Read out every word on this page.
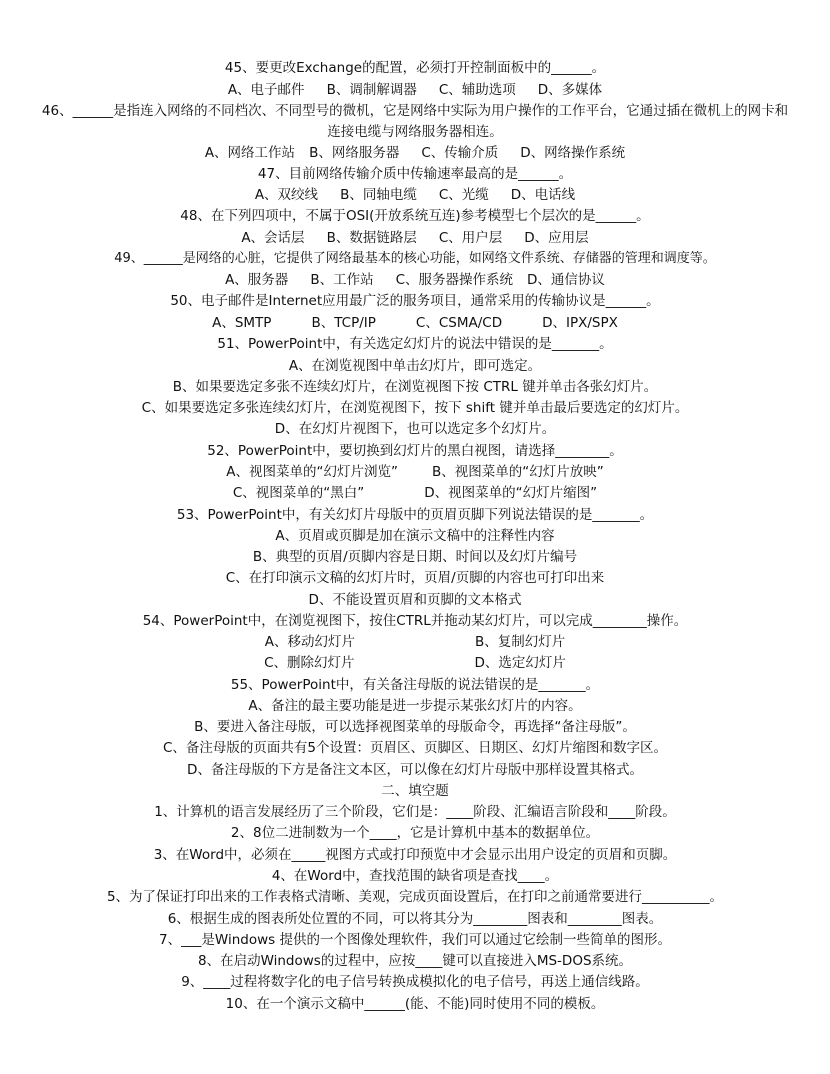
45、要更改Exchange的配置，必须打开控制面板中的______。
A、电子邮件 B、调制解调器 C、辅助选项 D、多媒体
46、______是指连入网络的不同档次、不同型号的微机，它是网络中实际为用户操作的工作平台，它通过插在微机上的网卡和连接电缆与网络服务器相连。
A、网络工作站 B、网络服务器 C、传输介质 D、网络操作系统
47、目前网络传输介质中传输速率最高的是______。
A、双绞线 B、同轴电缆 C、光缆 D、电话线
48、在下列四项中，不属于OSI(开放系统互连)参考模型七个层次的是______。
A、会话层 B、数据链路层 C、用户层 D、应用层
49、______是网络的心脏，它提供了网络最基本的核心功能，如网络文件系统、存储器的管理和调度等。
A、服务器 B、工作站 C、服务器操作系统 D、通信协议
50、电子邮件是Internet应用最广泛的服务项目，通常采用的传输协议是______。
A、SMTP	B、TCP/IP	C、CSMA/CD	D、IPX/SPX
51、PowerPoint中，有关选定幻灯片的说法中错误的是_______。
A、在浏览视图中单击幻灯片，即可选定。
B、如果要选定多张不连续幻灯片，在浏览视图下按 CTRL 键并单击各张幻灯片。
C、如果要选定多张连续幻灯片，在浏览视图下，按下 shift 键并单击最后要选定的幻灯片。
D、在幻灯片视图下，也可以选定多个幻灯片。
52、PowerPoint中，要切换到幻灯片的黑白视图，请选择________。
A、视图菜单的“幻灯片浏览”	B、视图菜单的“幻灯片放映”
C、视图菜单的“黑白”	D、视图菜单的“幻灯片缩图”
53、PowerPoint中，有关幻灯片母版中的页眉页脚下列说法错误的是_______。
A、页眉或页脚是加在演示文稿中的注释性内容
B、典型的页眉/页脚内容是日期、时间以及幻灯片编号
C、在打印演示文稿的幻灯片时，页眉/页脚的内容也可打印出来
D、不能设置页眉和页脚的文本格式
54、PowerPoint中，在浏览视图下，按住CTRL并拖动某幻灯片，可以完成________操作。
A、移动幻灯片	B、复制幻灯片
C、删除幻灯片	D、选定幻灯片
55、PowerPoint中，有关备注母版的说法错误的是_______。
A、备注的最主要功能是进一步提示某张幻灯片的内容。
B、要进入备注母版，可以选择视图菜单的母版命令，再选择“备注母版”。
C、备注母版的页面共有5个设置：页眉区、页脚区、日期区、幻灯片缩图和数字区。
D、备注母版的下方是备注文本区，可以像在幻灯片母版中那样设置其格式。
二、填空题
1、计算机的语言发展经历了三个阶段，它们是：____阶段、汇编语言阶段和____阶段。
2、8位二进制数为一个____，它是计算机中基本的数据单位。
3、在Word中，必须在_____视图方式或打印预览中才会显示出用户设定的页眉和页脚。
4、在Word中，查找范围的缺省项是查找____。
5、为了保证打印出来的工作表格式清晰、美观，完成页面设置后，在打印之前通常要进行__________。
6、根据生成的图表所处位置的不同，可以将其分为________图表和________图表。
7、___是Windows 提供的一个图像处理软件，我们可以通过它绘制一些简单的图形。
8、在启动Windows的过程中，应按____键可以直接进入MS-DOS系统。
9、____过程将数字化的电子信号转换成模拟化的电子信号，再送上通信线路。
10、在一个演示文稿中______(能、不能)同时使用不同的模板。
